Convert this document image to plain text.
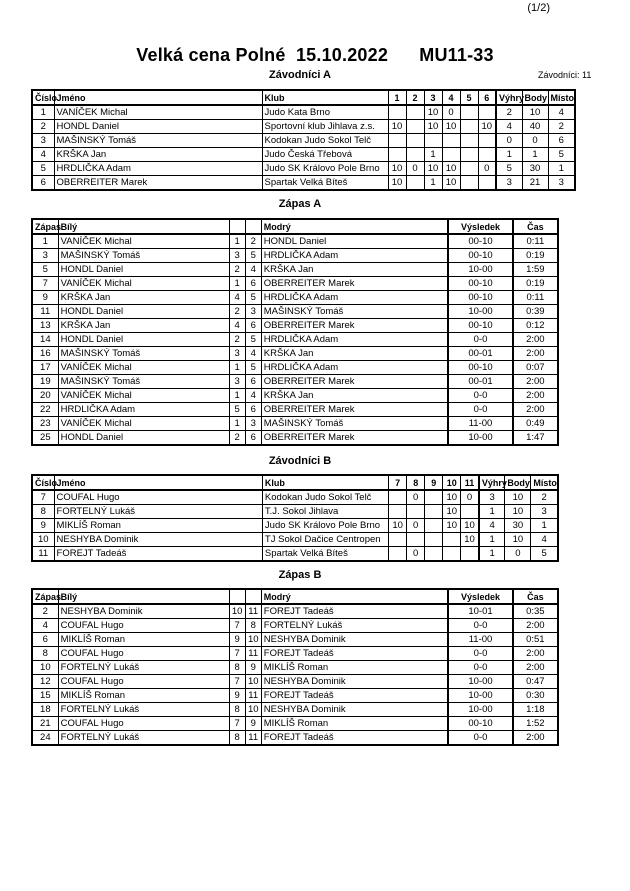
(1/2)
Velká cena Polné 15.10.2022 MU11-33
Závodníci A	Závodníci: 11
Číslo	Jméno	Klub	1	2	3	4	5	6	Výhry	Body	Místo.
1	VANÍČEK Michal	Judo Kata Brno			10	0			2	10	4
2	HONDL Daniel	Sportovní klub Jihlava z.s.	10		10	10		10	4	40	2
3	MAŠINSKÝ Tomáš	Kodokan Judo Sokol Telč							0	0	6
4	KRŠKA Jan	Judo Česká Třebová			1				1	1	5
5	HRDLIČKA Adam	Judo SK Královo Pole Brno	10	0	10	10		0	5	30	1
6	OBERREITER Marek	Spartak Velká Bíteš	10		1	10			3	21	3
Zápas A
Zápas	Bílý			Modrý	Výsledek	Čas
1	VANÍČEK Michal	1	2	HONDL Daniel	00-10	0:11
3	MAŠINSKÝ Tomáš	3	5	HRDLIČKA Adam	00-10	0:19
5	HONDL Daniel	2	4	KRŠKA Jan	10-00	1:59
7	VANÍČEK Michal	1	6	OBERREITER Marek	00-10	0:19
9	KRŠKA Jan	4	5	HRDLIČKA Adam	00-10	0:11
11	HONDL Daniel	2	3	MAŠINSKÝ Tomáš	10-00	0:39
13	KRŠKA Jan	4	6	OBERREITER Marek	00-10	0:12
14	HONDL Daniel	2	5	HRDLIČKA Adam	0-0	2:00
16	MAŠINSKÝ Tomáš	3	4	KRŠKA Jan	00-01	2:00
17	VANÍČEK Michal	1	5	HRDLIČKA Adam	00-10	0:07
19	MAŠINSKÝ Tomáš	3	6	OBERREITER Marek	00-01	2:00
20	VANÍČEK Michal	1	4	KRŠKA Jan	0-0	2:00
22	HRDLIČKA Adam	5	6	OBERREITER Marek	0-0	2:00
23	VANÍČEK Michal	1	3	MAŠINSKÝ Tomáš	11-00	0:49
25	HONDL Daniel	2	6	OBERREITER Marek	10-00	1:47
Závodníci B
Číslo	Jméno	Klub	7	8	9	10	11	Výhry	Body	Místo.
7	COUFAL Hugo	Kodokan Judo Sokol Telč		0		10	0	3	10	2
8	FORTELNÝ Lukáš	T.J. Sokol Jihlava				10		1	10	3
9	MIKLÍŠ Roman	Judo SK Královo Pole Brno	10	0		10	10	4	30	1
10	NESHYBA Dominik	TJ Sokol Dačice Centropen					10	1	10	4
11	FOREJT Tadeáš	Spartak Velká Bíteš		0				1	0	5
Zápas B
Zápas	Bílý			Modrý	Výsledek	Čas
2	NESHYBA Dominik	10	11	FOREJT Tadeáš	10-01	0:35
4	COUFAL Hugo	7	8	FORTELNÝ Lukáš	0-0	2:00
6	MIKLÍŠ Roman	9	10	NESHYBA Dominik	11-00	0:51
8	COUFAL Hugo	7	11	FOREJT Tadeáš	0-0	2:00
10	FORTELNÝ Lukáš	8	9	MIKLÍŠ Roman	0-0	2:00
12	COUFAL Hugo	7	10	NESHYBA Dominik	10-00	0:47
15	MIKLÍŠ Roman	9	11	FOREJT Tadeáš	10-00	0:30
18	FORTELNÝ Lukáš	8	10	NESHYBA Dominik	10-00	1:18
21	COUFAL Hugo	7	9	MIKLÍŠ Roman	00-10	1:52
24	FORTELNÝ Lukáš	8	11	FOREJT Tadeáš	0-0	2:00
